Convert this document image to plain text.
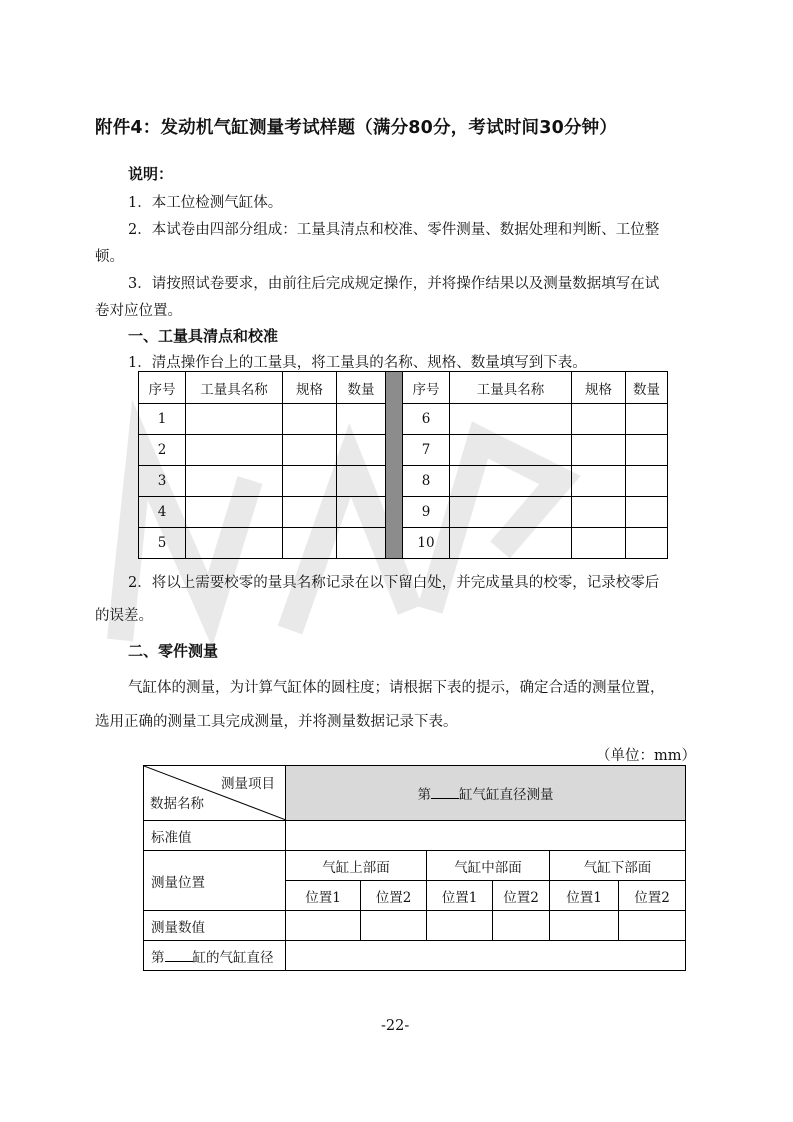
附件4：发动机气缸测量考试样题（满分80分，考试时间30分钟）
说明：
1．本工位检测气缸体。
2．本试卷由四部分组成：工量具清点和校准、零件测量、数据处理和判断、工位整
顿。
3．请按照试卷要求，由前往后完成规定操作，并将操作结果以及测量数据填写在试
卷对应位置。
一、工量具清点和校准
1．清点操作台上的工量具，将工量具的名称、规格、数量填写到下表。
序号	工量具名称	规格	数量		序号	工量具名称	规格	数量
1					6			
2					7			
3					8			
4					9			
5					10			
2．将以上需要校零的量具名称记录在以下留白处，并完成量具的校零，记录校零后
的误差。
二、零件测量
气缸体的测量，为计算气缸体的圆柱度；请根据下表的提示，确定合适的测量位置，
选用正确的测量工具完成测量，并将测量数据记录下表。
（单位：mm）
测量项目
数据名称	第 缸气缸直径测量					
标准值						
测量位置	气缸上部面		气缸中部面		气缸下部面	
	位置1	位置2	位置1	位置2	位置1	位置2
测量数值						
第 缸的气缸直径						
-22-
